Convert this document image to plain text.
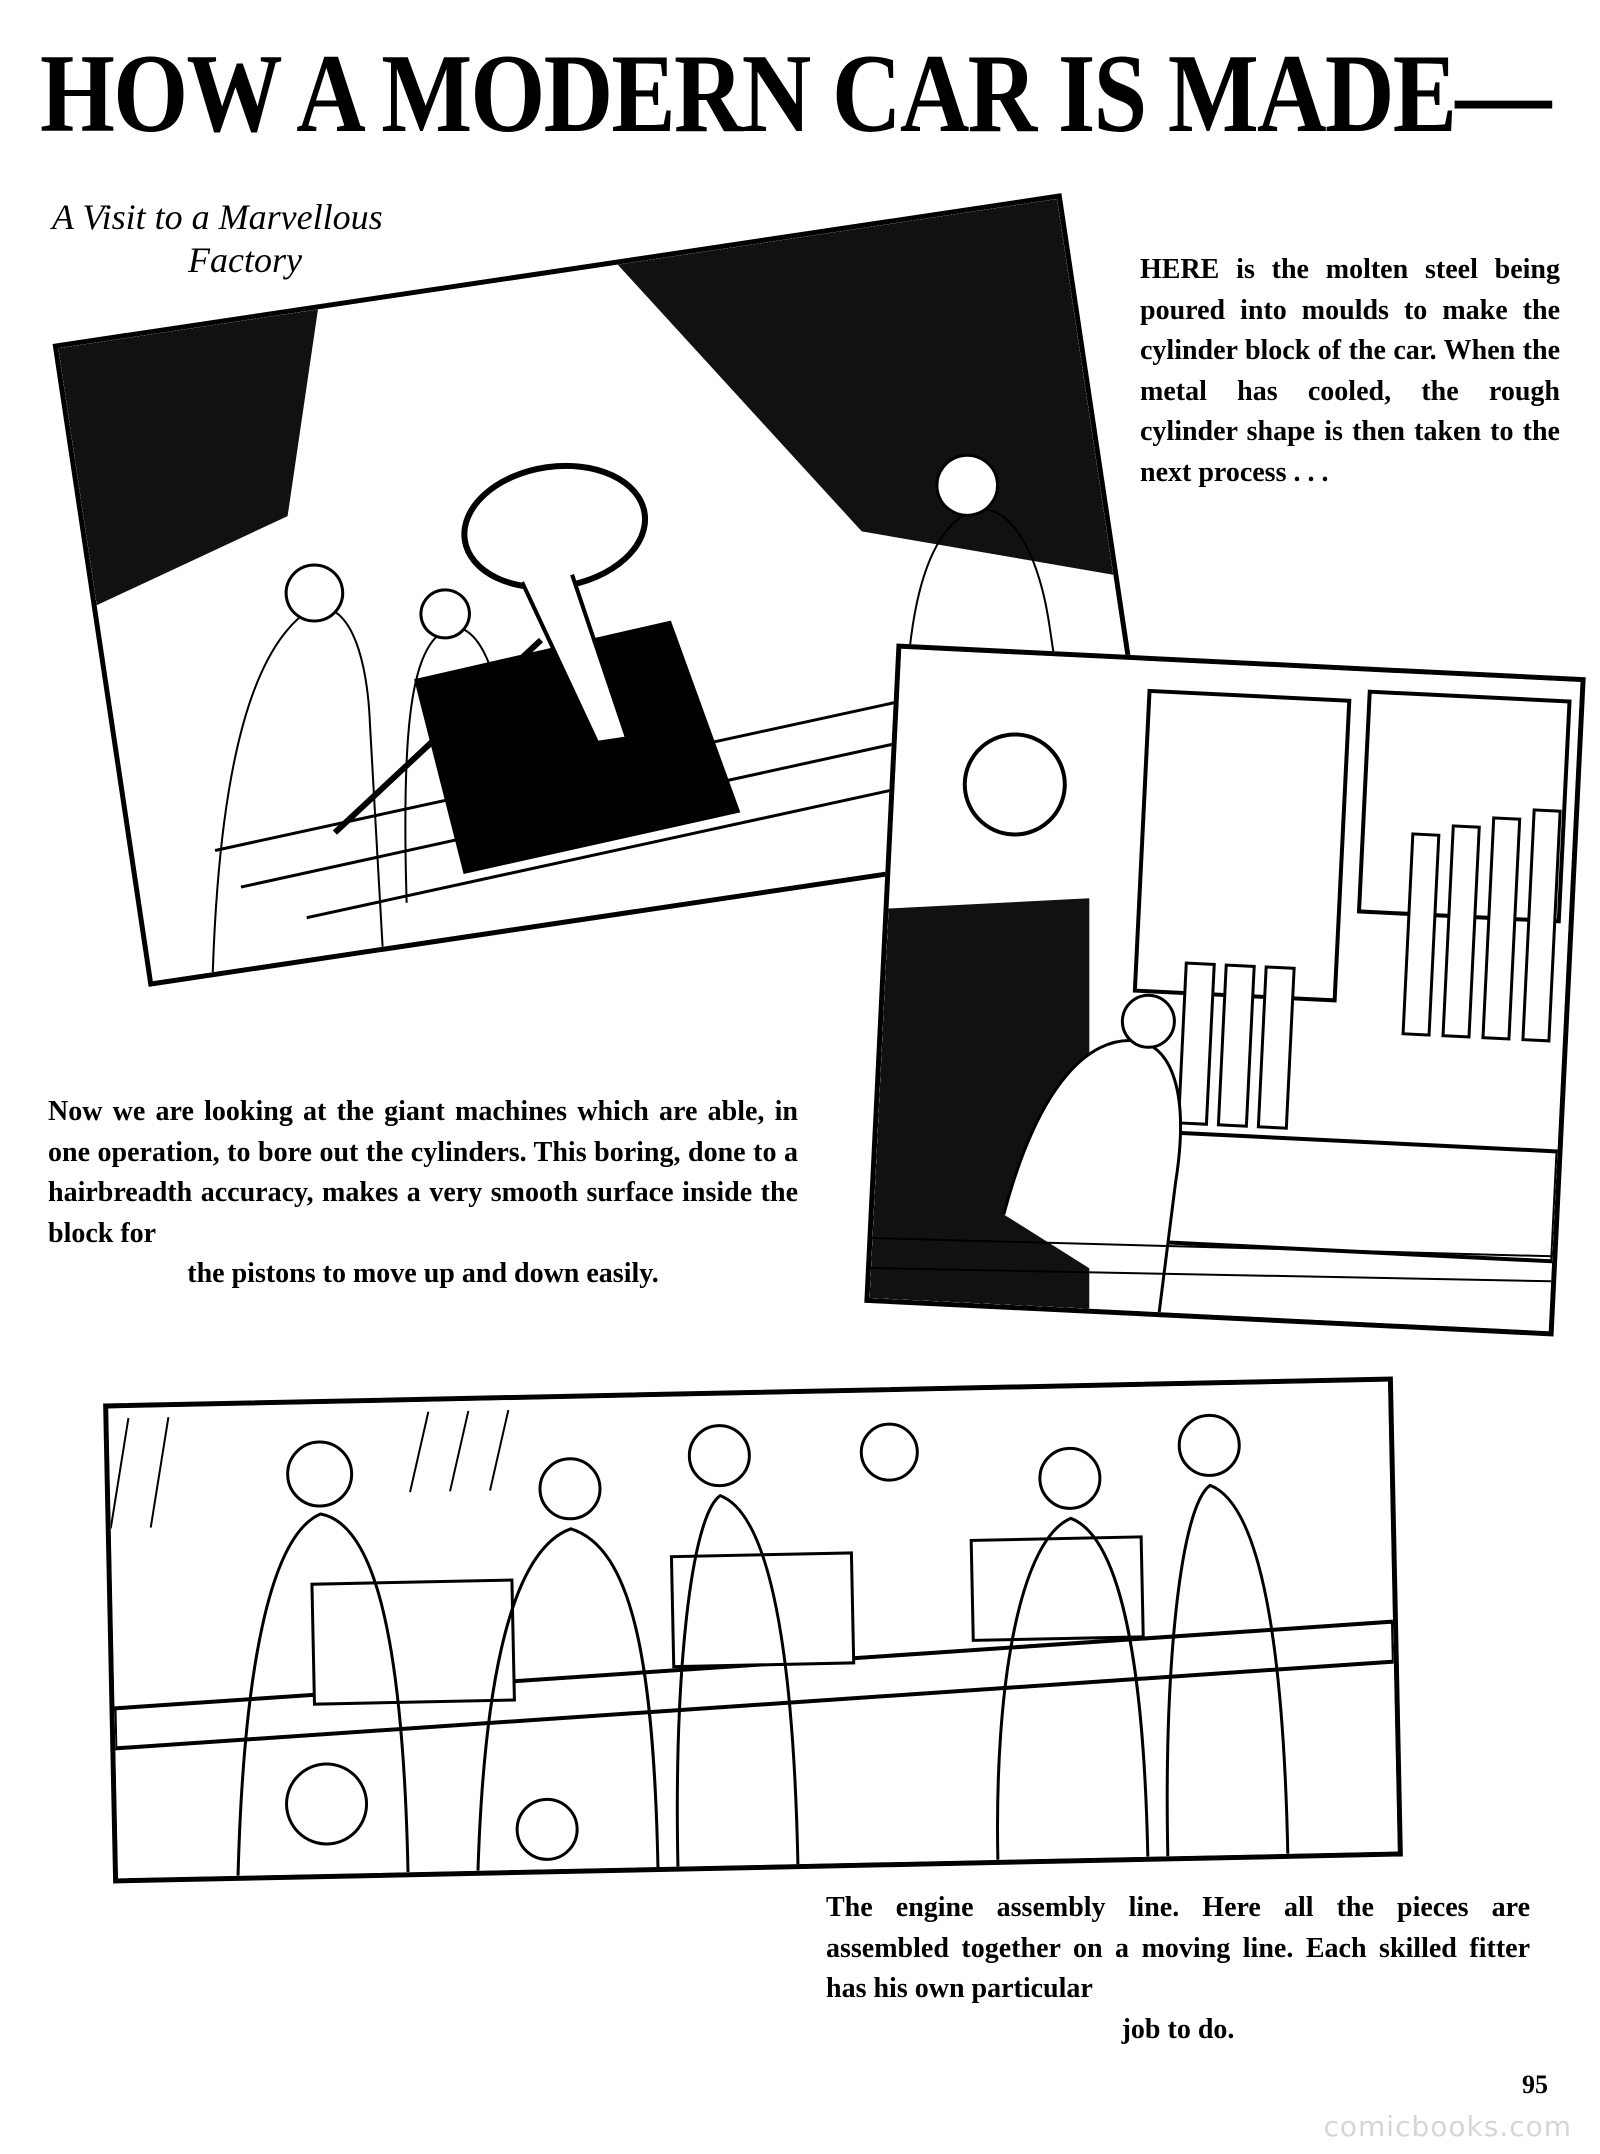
HOW A MODERN CAR IS MADE—
A Visit to a Marvellous
Factory	HERE is the molten steel being poured into moulds to make the cylinder block of the car. When the metal has cooled, the rough cylinder shape is then taken to the next process . . .
Now we are looking at the giant machines which are able, in one operation, to bore out the cylinders. This boring, done to a hairbreadth accuracy, makes a very smooth surface inside the block for
the pistons to move up and down easily.
The engine assembly line. Here all the pieces are assembled together on a moving line. Each skilled fitter has his own particular
job to do.
95
comicbooks.com
